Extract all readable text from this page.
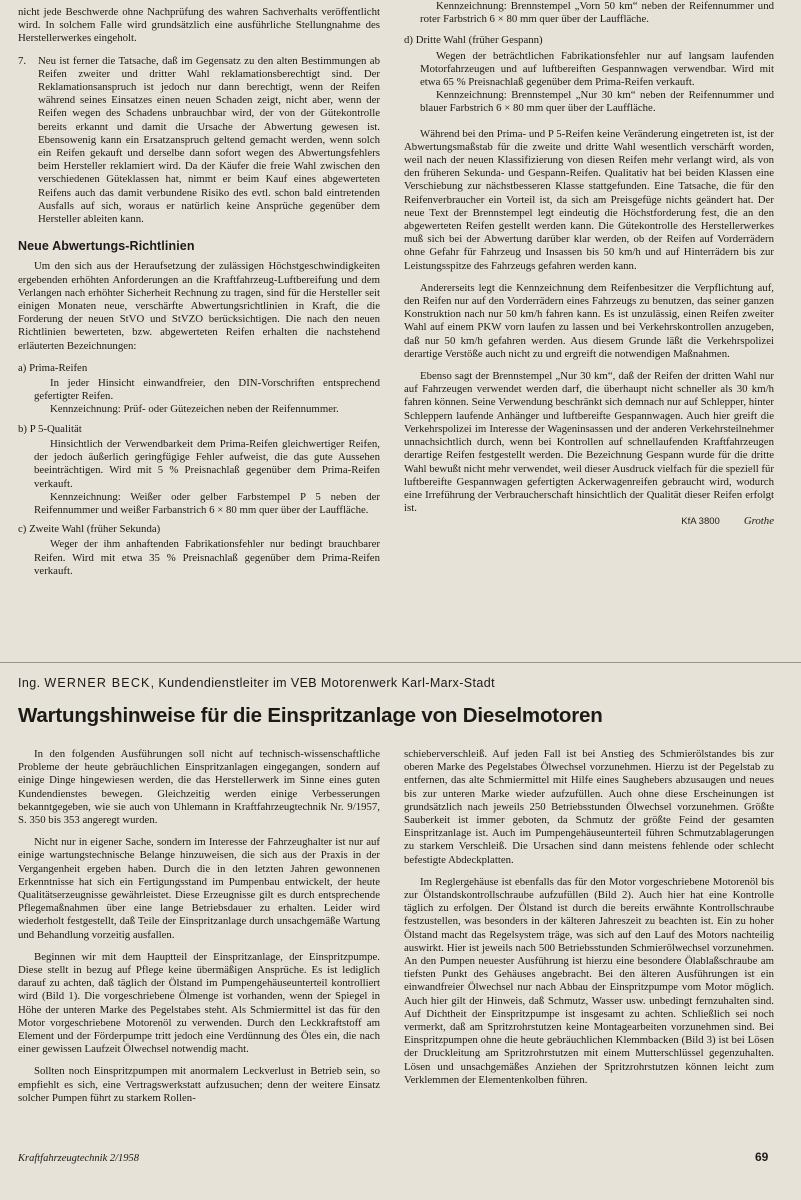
nicht jede Beschwerde ohne Nachprüfung des wahren Sachverhalts veröffentlicht wird. In solchem Falle wird grundsätzlich eine ausführliche Stellungnahme des Herstellerwerkes eingeholt.

7.	Neu ist ferner die Tatsache, daß im Gegensatz zu den alten Bestimmungen ab Reifen zweiter und dritter Wahl reklamationsberechtigt sind. Der Reklamationsanspruch ist jedoch nur dann berechtigt, wenn der Reifen während seines Einsatzes einen neuen Schaden zeigt, nicht aber, wenn der Reifen wegen des Schadens unbrauchbar wird, der von der Gütekontrolle bereits erkannt und damit die Ursache der Abwertung gewesen ist. Ebensowenig kann ein Ersatzanspruch geltend gemacht werden, wenn solch ein Reifen gekauft und derselbe dann sofort wegen des Abwertungsfehlers beim Hersteller reklamiert wird. Da der Käufer die freie Wahl zwischen den verschiedenen Güteklassen hat, nimmt er beim Kauf eines abgewerteten Reifens auch das damit verbundene Risiko des evtl. schon bald eintretenden Ausfalls auf sich, woraus er natürlich keine Ansprüche gegenüber dem Hersteller ableiten kann.

Neue Abwertungs-Richtlinien

Um den sich aus der Heraufsetzung der zulässigen Höchstgeschwindigkeiten ergebenden erhöhten Anforderungen an die Kraftfahrzeug-Luftbereifung und dem Verlangen nach erhöhter Sicherheit Rechnung zu tragen, sind für die Hersteller seit einigen Monaten neue, verschärfte Abwertungsrichtlinien in Kraft, die die Forderung der neuen StVO und StVZO berücksichtigen. Die nach den neuen Richtlinien bewerteten, bzw. abgewerteten Reifen erhalten die nachstehend erläuterten Bezeichnungen:

a) Prima-Reifen

In jeder Hinsicht einwandfreier, den DIN-Vorschriften entsprechend gefertigter Reifen.

Kennzeichnung: Prüf- oder Gütezeichen neben der Reifennummer.

b) P 5-Qualität

Hinsichtlich der Verwendbarkeit dem Prima-Reifen gleichwertiger Reifen, der jedoch äußerlich geringfügige Fehler aufweist, die das gute Aussehen beeinträchtigen. Wird mit 5 % Preisnachlaß gegenüber dem Prima-Reifen verkauft.

Kennzeichnung: Weißer oder gelber Farbstempel P 5 neben der Reifennummer und weißer Farbanstrich 6 × 80 mm quer über der Lauffläche.

c) Zweite Wahl (früher Sekunda)

Weger der ihm anhaftenden Fabrikationsfehler nur bedingt brauchbarer Reifen. Wird mit etwa 35 % Preisnachlaß gegenüber dem Prima-Reifen verkauft.

Kennzeichnung: Brennstempel „Vorn 50 km“ neben der Reifennummer und roter Farbstrich 6 × 80 mm quer über der Lauffläche.

d) Dritte Wahl (früher Gespann)

Wegen der beträchtlichen Fabrikationsfehler nur auf langsam laufenden Motorfahrzeugen und auf luftbereiften Gespannwagen verwendbar. Wird mit etwa 65 % Preisnachlaß gegenüber dem Prima-Reifen verkauft.

Kennzeichnung: Brennstempel „Nur 30 km“ neben der Reifennummer und blauer Farbstrich 6 × 80 mm quer über der Lauffläche.

Während bei den Prima- und P 5-Reifen keine Veränderung eingetreten ist, ist der Abwertungsmaßstab für die zweite und dritte Wahl wesentlich verschärft worden, weil nach der neuen Klassifizierung von diesen Reifen mehr verlangt wird, als von den früheren Sekunda- und Gespann-Reifen. Qualitativ hat bei beiden Klassen eine Verschiebung zur nächstbesseren Klasse stattgefunden. Eine Tatsache, die für den Reifenverbraucher ein Vorteil ist, da sich am Preisgefüge nichts geändert hat. Der neue Text der Brennstempel legt eindeutig die Höchstforderung fest, die an den abgewerteten Reifen gestellt werden kann. Die Gütekontrolle des Herstellerwerkes muß sich bei der Abwertung darüber klar werden, ob der Reifen auf Vorderrädern ohne Gefahr für Fahrzeug und Insassen bis 50 km/h und auf Hinterrädern bis zur Leistungsspitze des Fahrzeugs gefahren werden kann.

Andererseits legt die Kennzeichnung dem Reifenbesitzer die Verpflichtung auf, den Reifen nur auf den Vorderrädern eines Fahrzeugs zu benutzen, das seiner ganzen Konstruktion nach nur 50 km/h fahren kann. Es ist unzulässig, einen Reifen zweiter Wahl auf einem PKW vorn laufen zu lassen und bei Verkehrskontrollen anzugeben, daß nur 50 km/h gefahren werden. Aus diesem Grunde läßt die Verkehrspolizei derartige Verstöße auch nicht zu und ergreift die notwendigen Maßnahmen.

Ebenso sagt der Brennstempel „Nur 30 km“, daß der Reifen der dritten Wahl nur auf Fahrzeugen verwendet werden darf, die überhaupt nicht schneller als 30 km/h fahren können. Seine Verwendung beschränkt sich demnach nur auf Schlepper, hinter Schleppern laufende Anhänger und luftbereifte Gespannwagen. Auch hier greift die Verkehrspolizei im Interesse der Wageninsassen und der anderen Verkehrsteilnehmer unnachsichtlich durch, wenn bei Kontrollen auf schnellaufenden Kraftfahrzeugen derartige Reifen festgestellt werden. Die Bezeichnung Gespann wurde für die dritte Wahl bewußt nicht mehr verwendet, weil dieser Ausdruck vielfach für die speziell für luftbereifte Gespannwagen gefertigten Ackerwagenreifen gebraucht wird, wodurch eine Irreführung der Verbraucherschaft hinsichtlich der Qualität dieser Reifen erfolgt ist.

KfA 3800 Grothe
Ing. WERNER BECK, Kundendienstleiter im VEB Motorenwerk Karl-Marx-Stadt
Wartungshinweise für die Einspritzanlage von Dieselmotoren

In den folgenden Ausführungen soll nicht auf technisch-wissenschaftliche Probleme der heute gebräuchlichen Einspritzanlagen eingegangen, sondern auf einige Dinge hingewiesen werden, die das Herstellerwerk im Sinne eines guten Kundendienstes bewegen. Gleichzeitig werden einige Verbesserungen bekanntgegeben, wie sie auch von Uhlemann in Kraftfahrzeugtechnik Nr. 9/1957, S. 350 bis 353 angeregt wurden.

Nicht nur in eigener Sache, sondern im Interesse der Fahrzeughalter ist nur auf einige wartungstechnische Belange hinzuweisen, die sich aus der Praxis in der Vergangenheit ergeben haben. Durch die in den letzten Jahren gewonnenen Erkenntnisse hat sich ein Fertigungsstand im Pumpenbau entwickelt, der heute Qualitätserzeugnisse gewährleistet. Diese Erzeugnisse gilt es durch entsprechende Pflegemaßnahmen über eine lange Betriebsdauer zu erhalten. Leider wird wiederholt festgestellt, daß Teile der Einspritzanlage durch unsachgemäße Wartung und Behandlung vorzeitig ausfallen.

Beginnen wir mit dem Hauptteil der Einspritzanlage, der Einspritzpumpe. Diese stellt in bezug auf Pflege keine übermäßigen Ansprüche. Es ist lediglich darauf zu achten, daß täglich der Ölstand im Pumpengehäuseunterteil kontrolliert wird (Bild 1). Die vorgeschriebene Ölmenge ist vorhanden, wenn der Spiegel in Höhe der unteren Marke des Pegelstabes steht. Als Schmiermittel ist das für den Motor vorgeschriebene Motorenöl zu verwenden. Durch den Leckkraftstoff am Element und der Förderpumpe tritt jedoch eine Verdünnung des Öles ein, die nach einer gewissen Laufzeit Ölwechsel notwendig macht.

Sollten noch Einspritzpumpen mit anormalem Leckverlust in Betrieb sein, so empfiehlt es sich, eine Vertragswerkstatt aufzusuchen; denn der weitere Einsatz solcher Pumpen führt zu starkem Rollen-

schieberverschleiß. Auf jeden Fall ist bei Anstieg des Schmierölstandes bis zur oberen Marke des Pegelstabes Ölwechsel vorzunehmen. Hierzu ist der Pegelstab zu entfernen, das alte Schmiermittel mit Hilfe eines Saughebers abzusaugen und neues bis zur unteren Marke wieder aufzufüllen. Auch ohne diese Erscheinungen ist grundsätzlich nach jeweils 250 Betriebsstunden Ölwechsel vorzunehmen. Größte Sauberkeit ist immer geboten, da Schmutz der größte Feind der gesamten Einspritzanlage ist. Auch im Pumpengehäuseunterteil führen Schmutzablagerungen zu starkem Verschleiß. Die Ursachen sind dann meistens fehlende oder schlecht befestigte Abdeckplatten.

Im Reglergehäuse ist ebenfalls das für den Motor vorgeschriebene Motorenöl bis zur Ölstandskontrollschraube aufzufüllen (Bild 2). Auch hier hat eine Kontrolle täglich zu erfolgen. Der Ölstand ist durch die bereits erwähnte Kontrollschraube festzustellen, was besonders in der kälteren Jahreszeit zu beachten ist. Ein zu hoher Ölstand macht das Regelsystem träge, was sich auf den Lauf des Motors nachteilig auswirkt. Hier ist jeweils nach 500 Betriebsstunden Schmierölwechsel vorzunehmen. An den Pumpen neuester Ausführung ist hierzu eine besondere Ölablaßschraube am tiefsten Punkt des Gehäuses angebracht. Bei den älteren Ausführungen ist ein einwandfreier Ölwechsel nur nach Abbau der Einspritzpumpe vom Motor möglich. Auch hier gilt der Hinweis, daß Schmutz, Wasser usw. unbedingt fernzuhalten sind. Auf Dichtheit der Einspritzpumpe ist insgesamt zu achten. Schließlich sei noch vermerkt, daß am Spritzrohrstutzen keine Montagearbeiten vorzunehmen sind. Bei Einspritzpumpen ohne die heute gebräuchlichen Klemmbacken (Bild 3) ist bei Lösen der Druckleitung am Spritzrohrstutzen mit einem Mutterschlüssel gegenzuhalten. Lösen und unsachgemäßes Anziehen der Spritzrohrstutzen können leicht zum Verklemmen der Elementenkolben führen.

Kraftfahrzeugtechnik 2/1958	69
